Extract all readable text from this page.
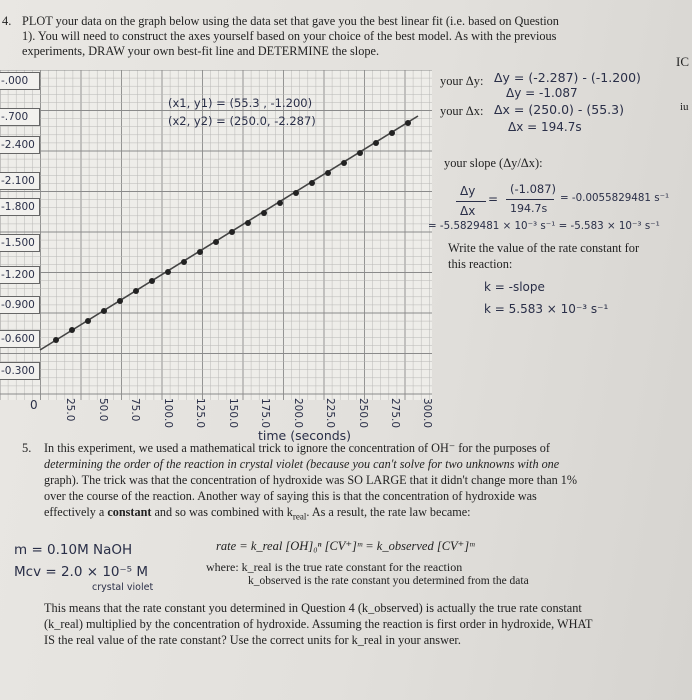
4. PLOT your data on the graph below using the data set that gave you the best linear fit (i.e. based on Question
1). You will need to construct the axes yourself based on your choice of the best model. As with the previous
experiments, DRAW your own best-fit line and DETERMINE the slope.
IC
iu
-.000
-.700
-2.400
-2.100
-1.800
-1.500
-1.200
-0.900
-0.600
-0.300
0	25.0 50.0 75.0 100.0 125.0 150.0 175.0 200.0 225.0 250.0 275.0 300.0
(x1, y1) = (55.3 , -1.200)
(x2, y2) = (250.0, -2.287)
your Δy: Δy = (-2.287) - (-1.200)
Δy = -1.087
your Δx: Δx = (250.0) - (55.3)
Δx = 194.7s
your slope (Δy/Δx):
Δy
Δx
=
(-1.087)
194.7s
= -0.0055829481 s⁻¹
= -5.5829481 × 10⁻³ s⁻¹ = -5.583 × 10⁻³ s⁻¹
Write the value of the rate constant for
this reaction:
k = -slope
k = 5.583 × 10⁻³ s⁻¹
time (seconds)
5. In this experiment, we used a mathematical trick to ignore the concentration of OH⁻ for the purposes of
determining the order of the reaction in crystal violet (because you can't solve for two unknowns with one
graph). The trick was that the concentration of hydroxide was SO LARGE that it didn't change more than 1%
over the course of the reaction. Another way of saying this is that the concentration of hydroxide was
effectively a constant and so was combined with $k_{real}$. As a result, the rate law became:
rate = k_real [OH]₀ⁿ [CV⁺]ᵐ = k_observed [CV⁺]ᵐ
where: k_real is the true rate constant for the reaction
k_observed is the rate constant you determined from the data
m = 0.10M NaOH
Mcv = 2.0 × 10⁻⁵ M
crystal violet
This means that the rate constant you determined in Question 4 (k_observed) is actually the true rate constant
(k_real) multiplied by the concentration of hydroxide. Assuming the reaction is first order in hydroxide, WHAT
IS the real value of the rate constant? Use the correct units for k_real in your answer.
